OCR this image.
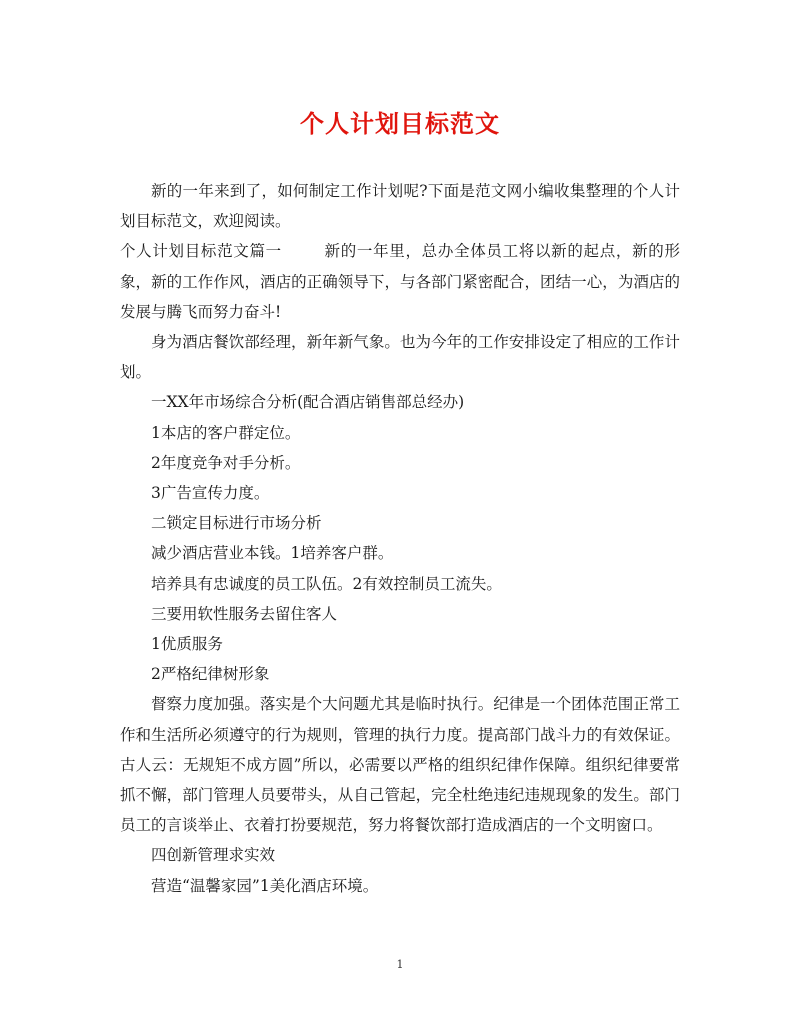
个人计划目标范文

新的一年来到了，如何制定工作计划呢?下面是范文网小编收集整理的个人计划目标范文，欢迎阅读。

个人计划目标范文篇一	新的一年里，总办全体员工将以新的起点，新的形象，新的工作作风，酒店的正确领导下，与各部门紧密配合，团结一心，为酒店的发展与腾飞而努力奋斗!

身为酒店餐饮部经理，新年新气象。也为今年的工作安排设定了相应的工作计划。

一XX年市场综合分析(配合酒店销售部总经办)

1本店的客户群定位。

2年度竞争对手分析。

3广告宣传力度。

二锁定目标进行市场分析

减少酒店营业本钱。1培养客户群。

培养具有忠诚度的员工队伍。2有效控制员工流失。

三要用软性服务去留住客人

1优质服务

2严格纪律树形象

督察力度加强。落实是个大问题尤其是临时执行。纪律是一个团体范围正常工作和生活所必须遵守的行为规则，管理的执行力度。提高部门战斗力的有效保证。古人云：无规矩不成方圆”所以，必需要以严格的组织纪律作保障。组织纪律要常抓不懈，部门管理人员要带头，从自己管起，完全杜绝违纪违规现象的发生。部门员工的言谈举止、衣着打扮要规范，努力将餐饮部打造成酒店的一个文明窗口。

四创新管理求实效

营造“温馨家园”1美化酒店环境。

1
